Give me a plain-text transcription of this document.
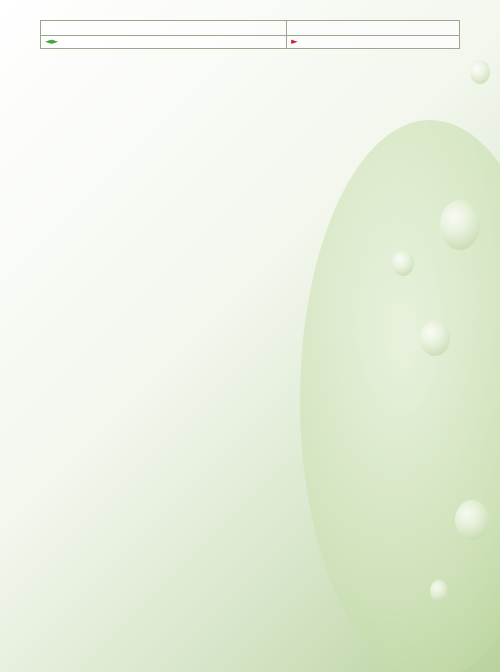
◄►	►
